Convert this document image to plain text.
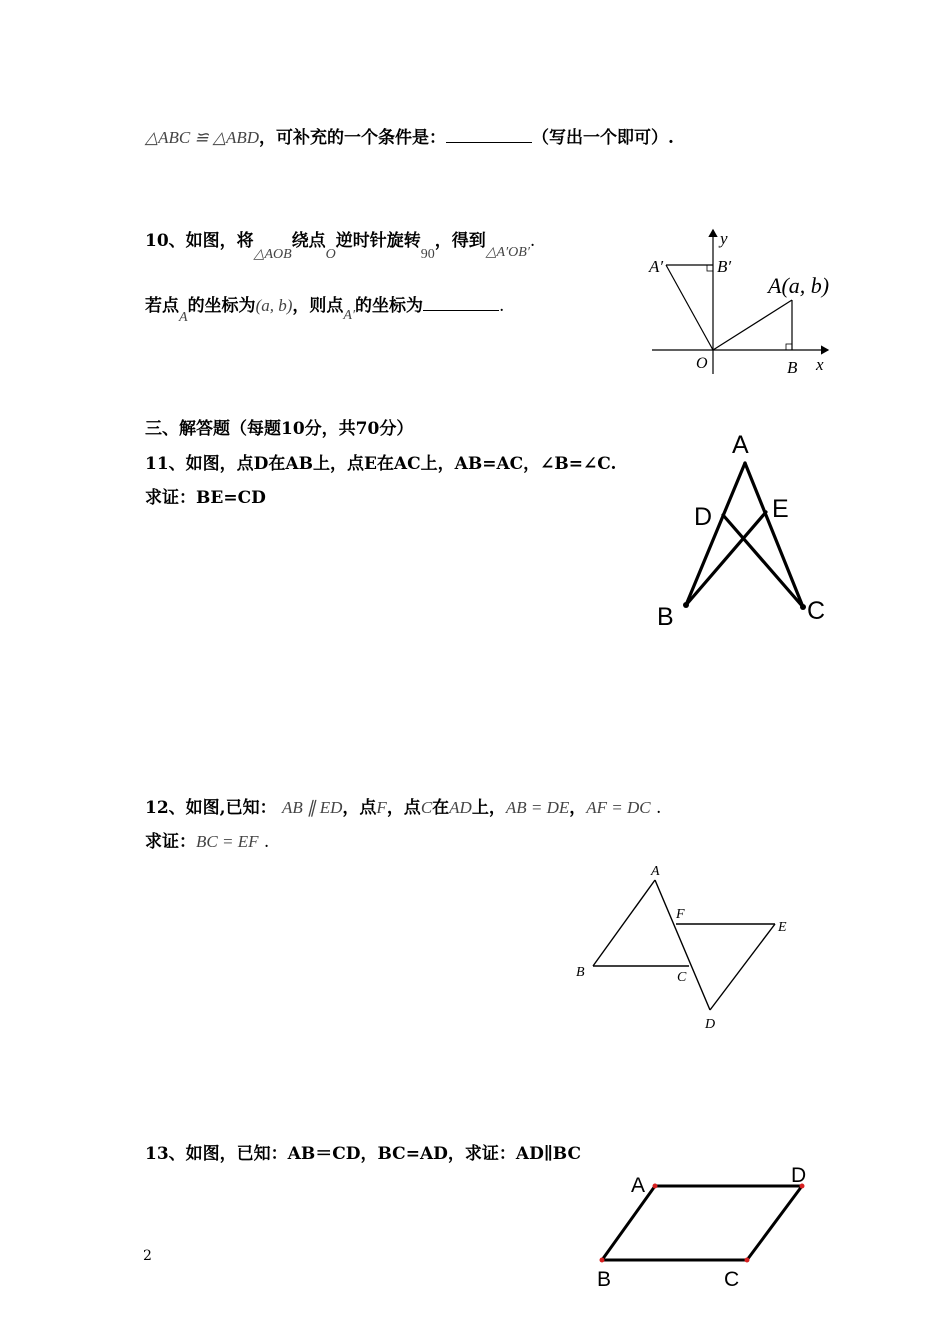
△ABC ≌ △ABD，可补充的一个条件是：	（写出一个即可）.
10、如图，将$_{\triangle AOB}$绕点$_O$逆时针旋转$_{90}$，得到$_{\triangle A'OB'}$.
若点$_A$的坐标为(a, b)，则点$_{A'}$的坐标为	.
y
x
O
A′	B′
A(a, b)
B
三、解答题（每题10分，共70分）
11、如图，点D在AB上，点E在AC上，AB=AC，∠B=∠C.
求证：BE=CD
A
D E
B	C
12、如图,已知： AB ∥ ED，点F，点C在AD上，AB = DE，AF = DC .
求证：BC = EF .
A
B	C
D
E
F
13、如图，已知：AB＝CD，BC=AD，求证：AD∥BC
A	D
B	C
2
